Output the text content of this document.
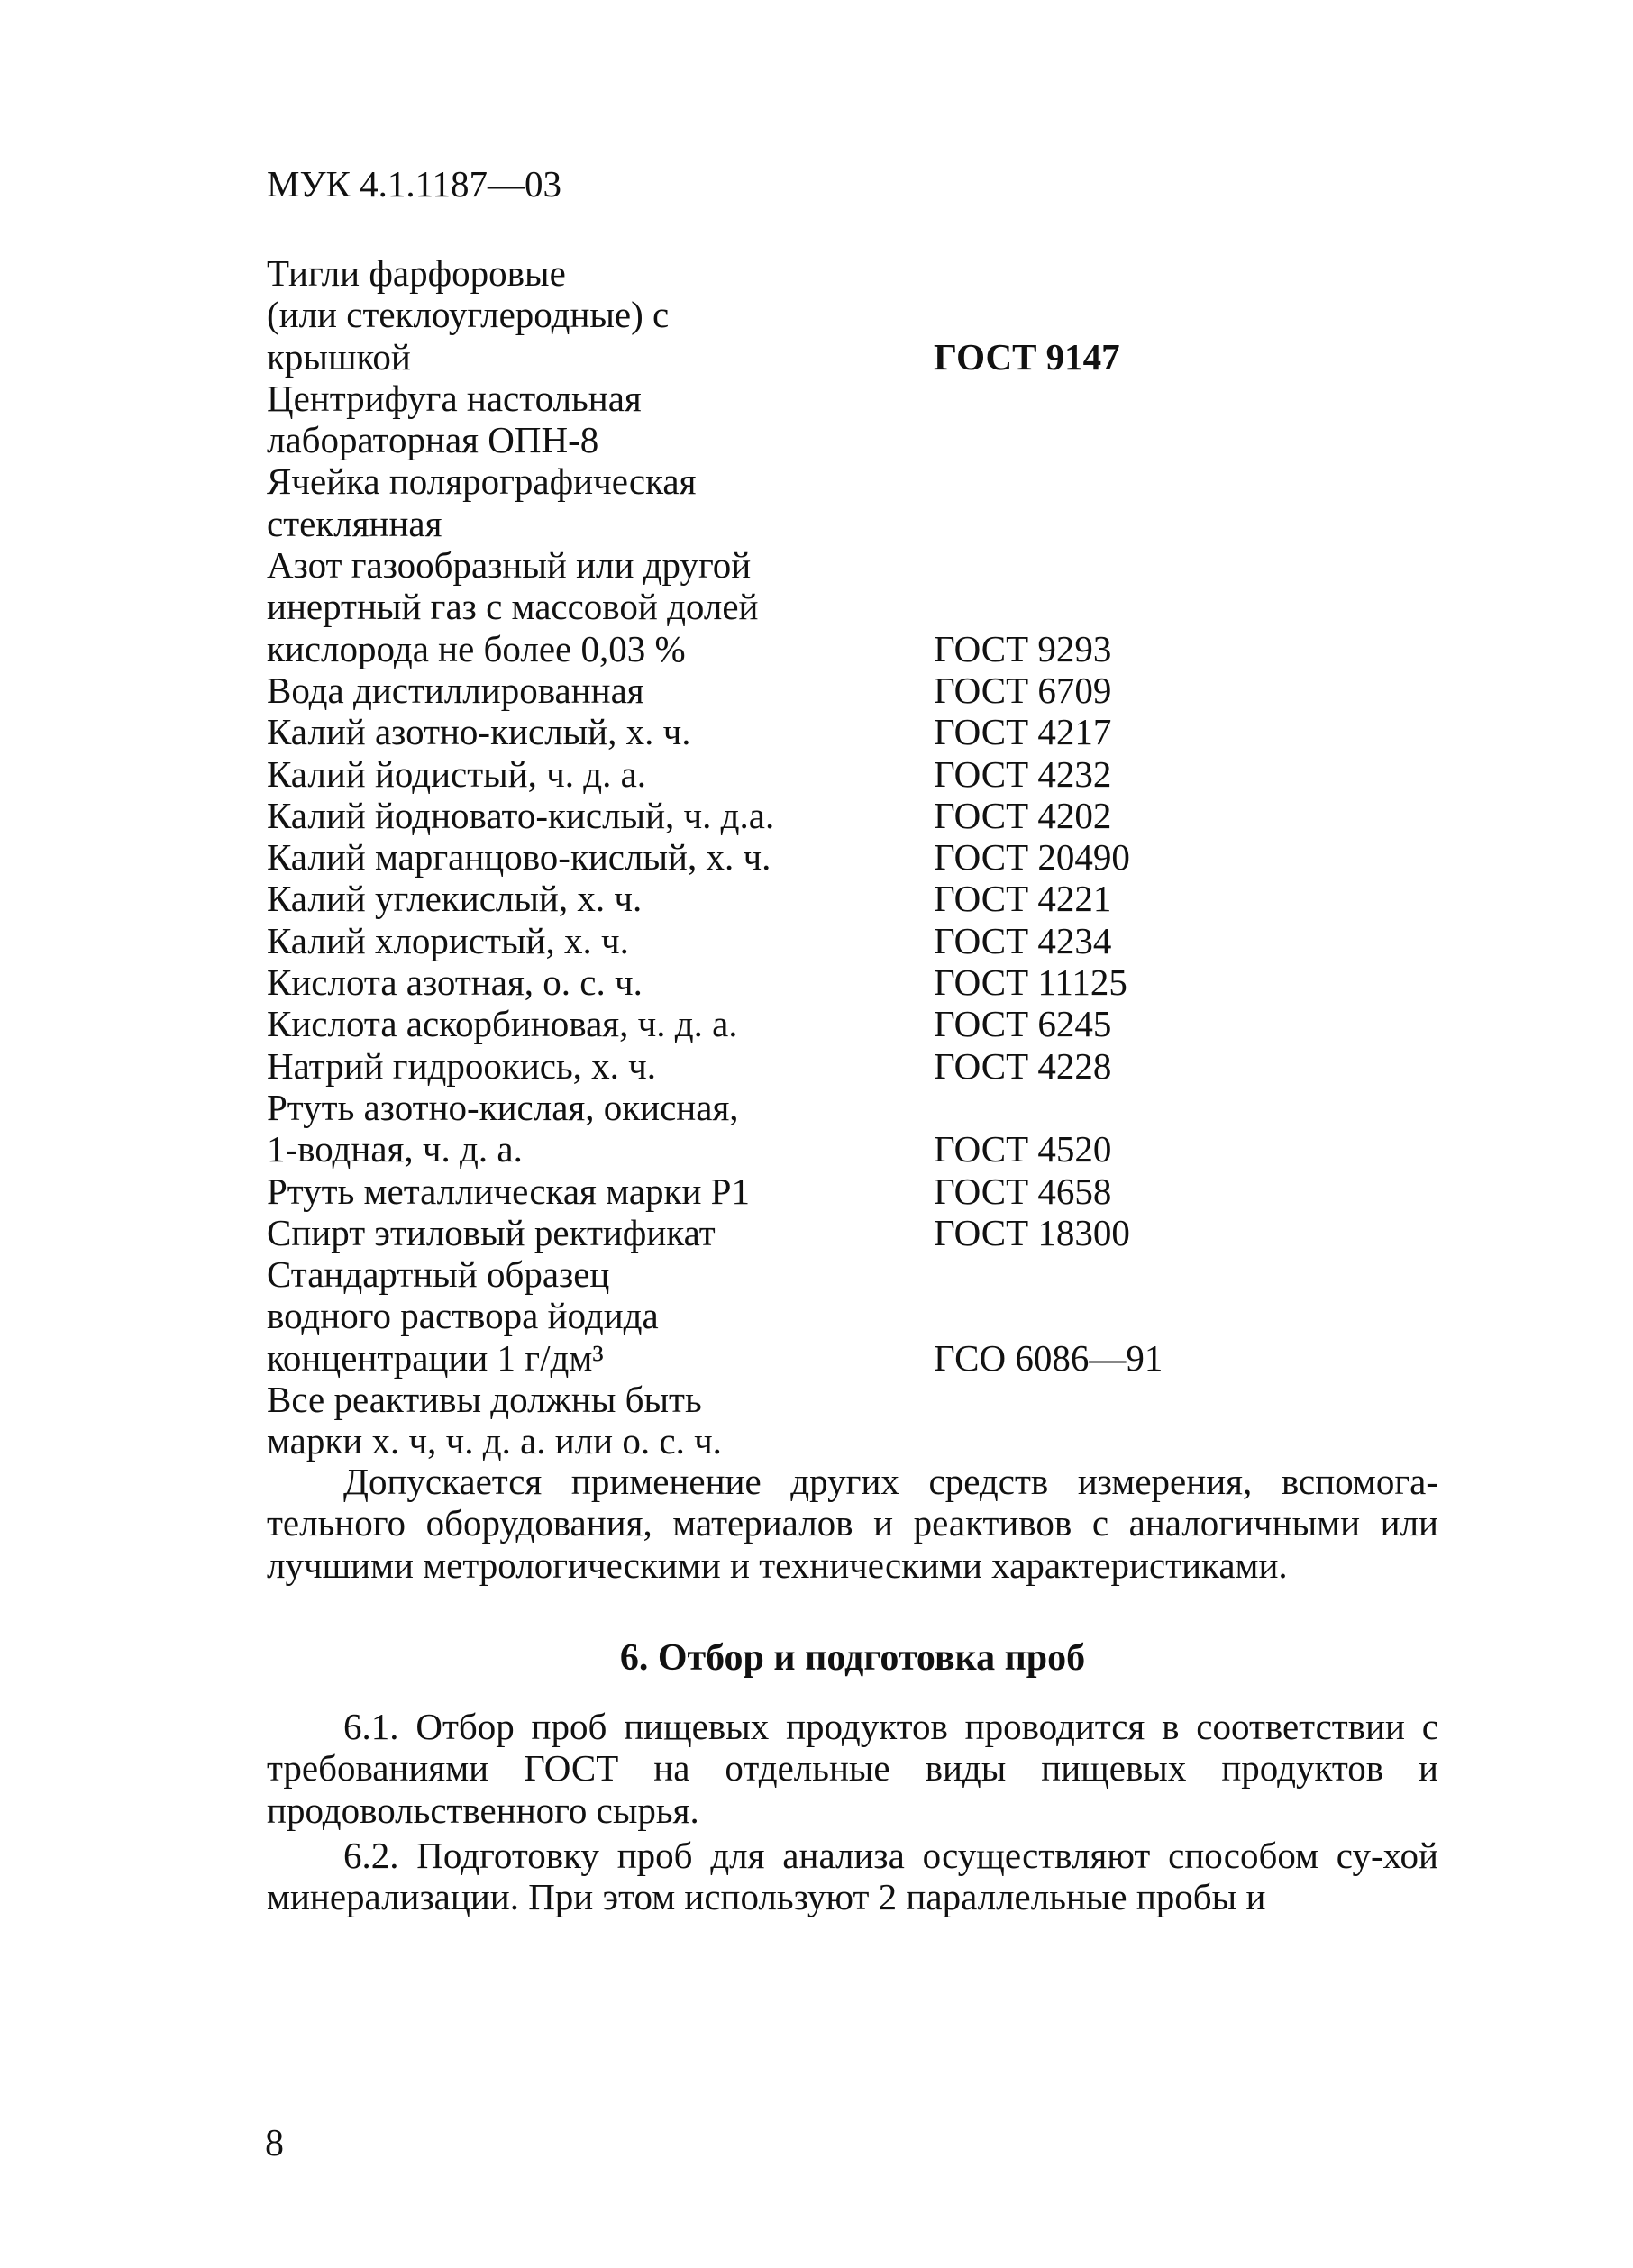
МУК 4.1.1187—03
Тигли фарфоровые
(или стеклоуглеродные) с
крышкой	ГОСТ 9147
Центрифуга настольная
лабораторная ОПН-8
Ячейка полярографическая
стеклянная
Азот газообразный или другой
инертный газ с массовой долей
кислорода не более 0,03 %	ГОСТ 9293
Вода дистиллированная	ГОСТ 6709
Калий азотно-кислый, х. ч.	ГОСТ 4217
Калий йодистый, ч. д. а.	ГОСТ 4232
Калий йодновато-кислый, ч. д.а.	ГОСТ 4202
Калий марганцово-кислый, х. ч.	ГОСТ 20490
Калий углекислый, х. ч.	ГОСТ 4221
Калий хлористый, х. ч.	ГОСТ 4234
Кислота азотная, о. с. ч.	ГОСТ 11125
Кислота аскорбиновая, ч. д. а.	ГОСТ 6245
Натрий гидроокись, х. ч.	ГОСТ 4228
Ртуть азотно-кислая, окисная,
1-водная, ч. д. а.	ГОСТ 4520
Ртуть металлическая марки Р1	ГОСТ 4658
Спирт этиловый ректификат	ГОСТ 18300
Стандартный образец
водного раствора йодида
концентрации 1 г/дм³	ГСО 6086—91
Все реактивы должны быть
марки х. ч, ч. д. а. или о. с. ч.
Допускается применение других средств измерения, вспомога-тельного оборудования, материалов и реактивов с аналогичными или лучшими метрологическими и техническими характеристиками.
6. Отбор и подготовка проб
6.1. Отбор проб пищевых продуктов проводится в соответствии с требованиями ГОСТ на отдельные виды пищевых продуктов и продовольственного сырья.
6.2. Подготовку проб для анализа осуществляют способом су-хой минерализации. При этом используют 2 параллельные пробы и
8
